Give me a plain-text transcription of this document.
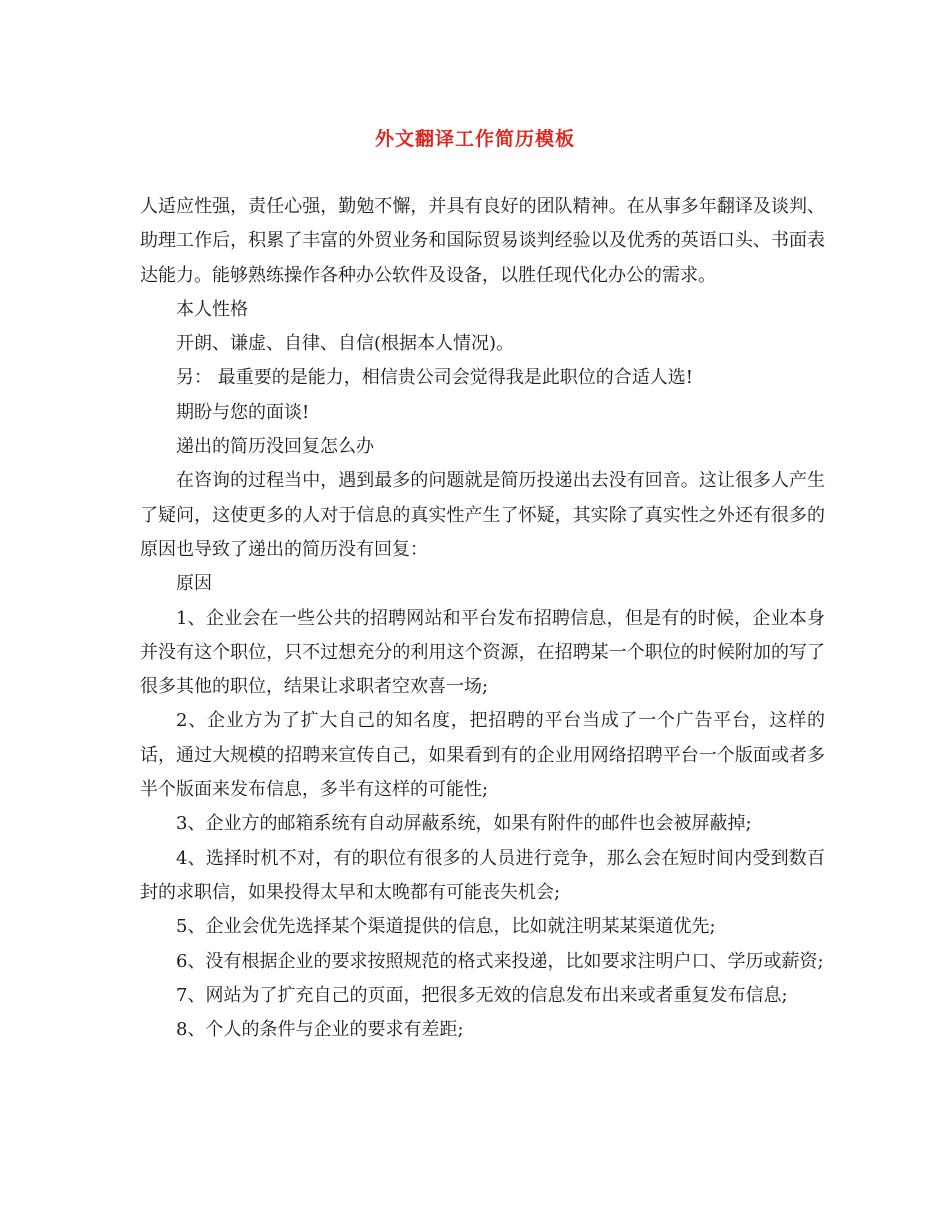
外文翻译工作简历模板

人适应性强，责任心强，勤勉不懈，并具有良好的团队精神。在从事多年翻译及谈判、助理工作后，积累了丰富的外贸业务和国际贸易谈判经验以及优秀的英语口头、书面表达能力。能够熟练操作各种办公软件及设备，以胜任现代化办公的需求。

本人性格

开朗、谦虚、自律、自信(根据本人情况)。

另： 最重要的是能力，相信贵公司会觉得我是此职位的合适人选!

期盼与您的面谈!

递出的简历没回复怎么办

在咨询的过程当中，遇到最多的问题就是简历投递出去没有回音。这让很多人产生了疑问，这使更多的人对于信息的真实性产生了怀疑，其实除了真实性之外还有很多的原因也导致了递出的简历没有回复：

原因

1、企业会在一些公共的招聘网站和平台发布招聘信息，但是有的时候，企业本身并没有这个职位，只不过想充分的利用这个资源，在招聘某一个职位的时候附加的写了很多其他的职位，结果让求职者空欢喜一场;

2、企业方为了扩大自己的知名度，把招聘的平台当成了一个广告平台，这样的话，通过大规模的招聘来宣传自己，如果看到有的企业用网络招聘平台一个版面或者多半个版面来发布信息，多半有这样的可能性;

3、企业方的邮箱系统有自动屏蔽系统，如果有附件的邮件也会被屏蔽掉;

4、选择时机不对，有的职位有很多的人员进行竞争，那么会在短时间内受到数百封的求职信，如果投得太早和太晚都有可能丧失机会;

5、企业会优先选择某个渠道提供的信息，比如就注明某某渠道优先;

6、没有根据企业的要求按照规范的格式来投递，比如要求注明户口、学历或薪资;

7、网站为了扩充自己的页面，把很多无效的信息发布出来或者重复发布信息;

8、个人的条件与企业的要求有差距;
